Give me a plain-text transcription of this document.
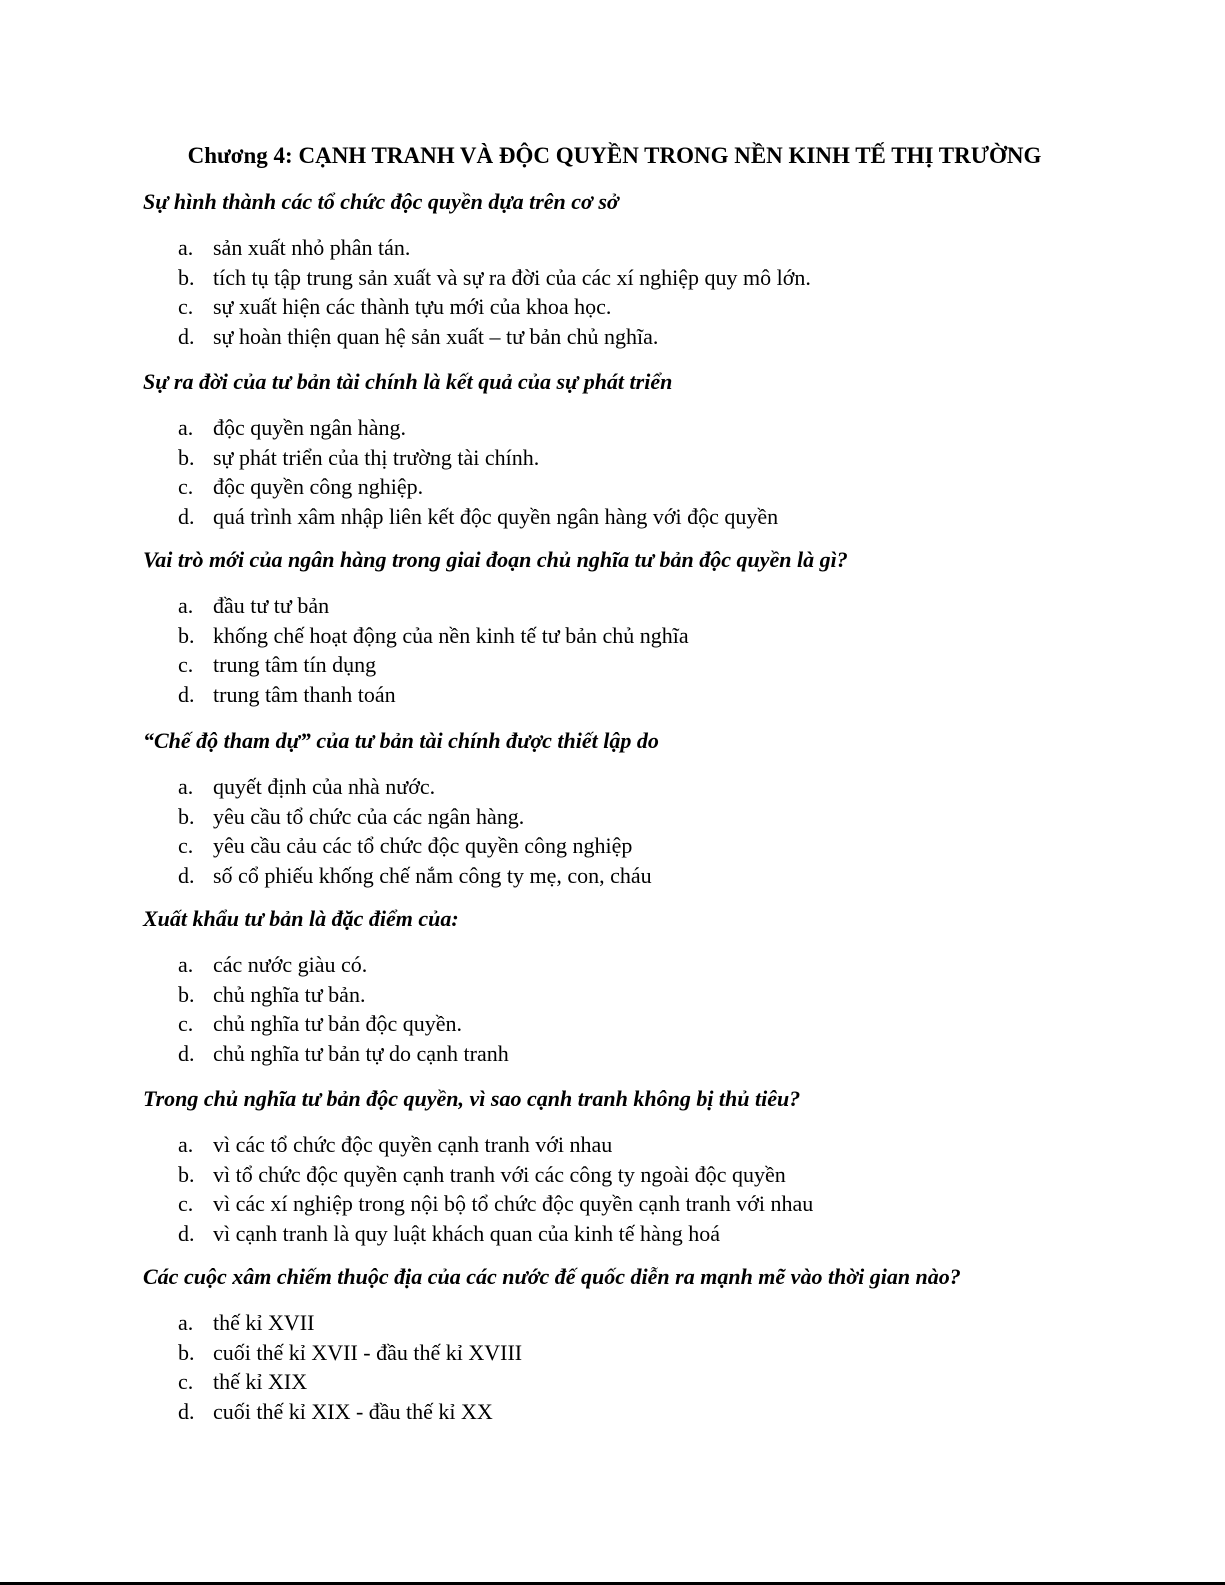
Chương 4: CẠNH TRANH VÀ ĐỘC QUYỀN TRONG NỀN KINH TẾ THỊ TRƯỜNG

Sự hình thành các tổ chức độc quyền dựa trên cơ sở

a. sản xuất nhỏ phân tán.
b. tích tụ tập trung sản xuất và sự ra đời của các xí nghiệp quy mô lớn.
c. sự xuất hiện các thành tựu mới của khoa học.
d. sự hoàn thiện quan hệ sản xuất – tư bản chủ nghĩa.

Sự ra đời của tư bản tài chính là kết quả của sự phát triển

a. độc quyền ngân hàng.
b. sự phát triển của thị trường tài chính.
c. độc quyền công nghiệp.
d. quá trình xâm nhập liên kết độc quyền ngân hàng với độc quyền

Vai trò mới của ngân hàng trong giai đoạn chủ nghĩa tư bản độc quyền là gì?

a. đầu tư tư bản
b. khống chế hoạt động của nền kinh tế tư bản chủ nghĩa
c. trung tâm tín dụng
d. trung tâm thanh toán

“Chế độ tham dự” của tư bản tài chính được thiết lập do

a. quyết định của nhà nước.
b. yêu cầu tổ chức của các ngân hàng.
c. yêu cầu cảu các tổ chức độc quyền công nghiệp
d. số cổ phiếu khống chế nắm công ty mẹ, con, cháu

Xuất khẩu tư bản là đặc điểm của:

a. các nước giàu có.
b. chủ nghĩa tư bản.
c. chủ nghĩa tư bản độc quyền.
d. chủ nghĩa tư bản tự do cạnh tranh

Trong chủ nghĩa tư bản độc quyền, vì sao cạnh tranh không bị thủ tiêu?

a. vì các tổ chức độc quyền cạnh tranh với nhau
b. vì tổ chức độc quyền cạnh tranh với các công ty ngoài độc quyền
c. vì các xí nghiệp trong nội bộ tổ chức độc quyền cạnh tranh với nhau
d. vì cạnh tranh là quy luật khách quan của kinh tế hàng hoá

Các cuộc xâm chiếm thuộc địa của các nước đế quốc diễn ra mạnh mẽ vào thời gian nào?

a. thế kỉ XVII
b. cuối thế kỉ XVII - đầu thế kỉ XVIII
c. thế kỉ XIX
d. cuối thế kỉ XIX - đầu thế kỉ XX
